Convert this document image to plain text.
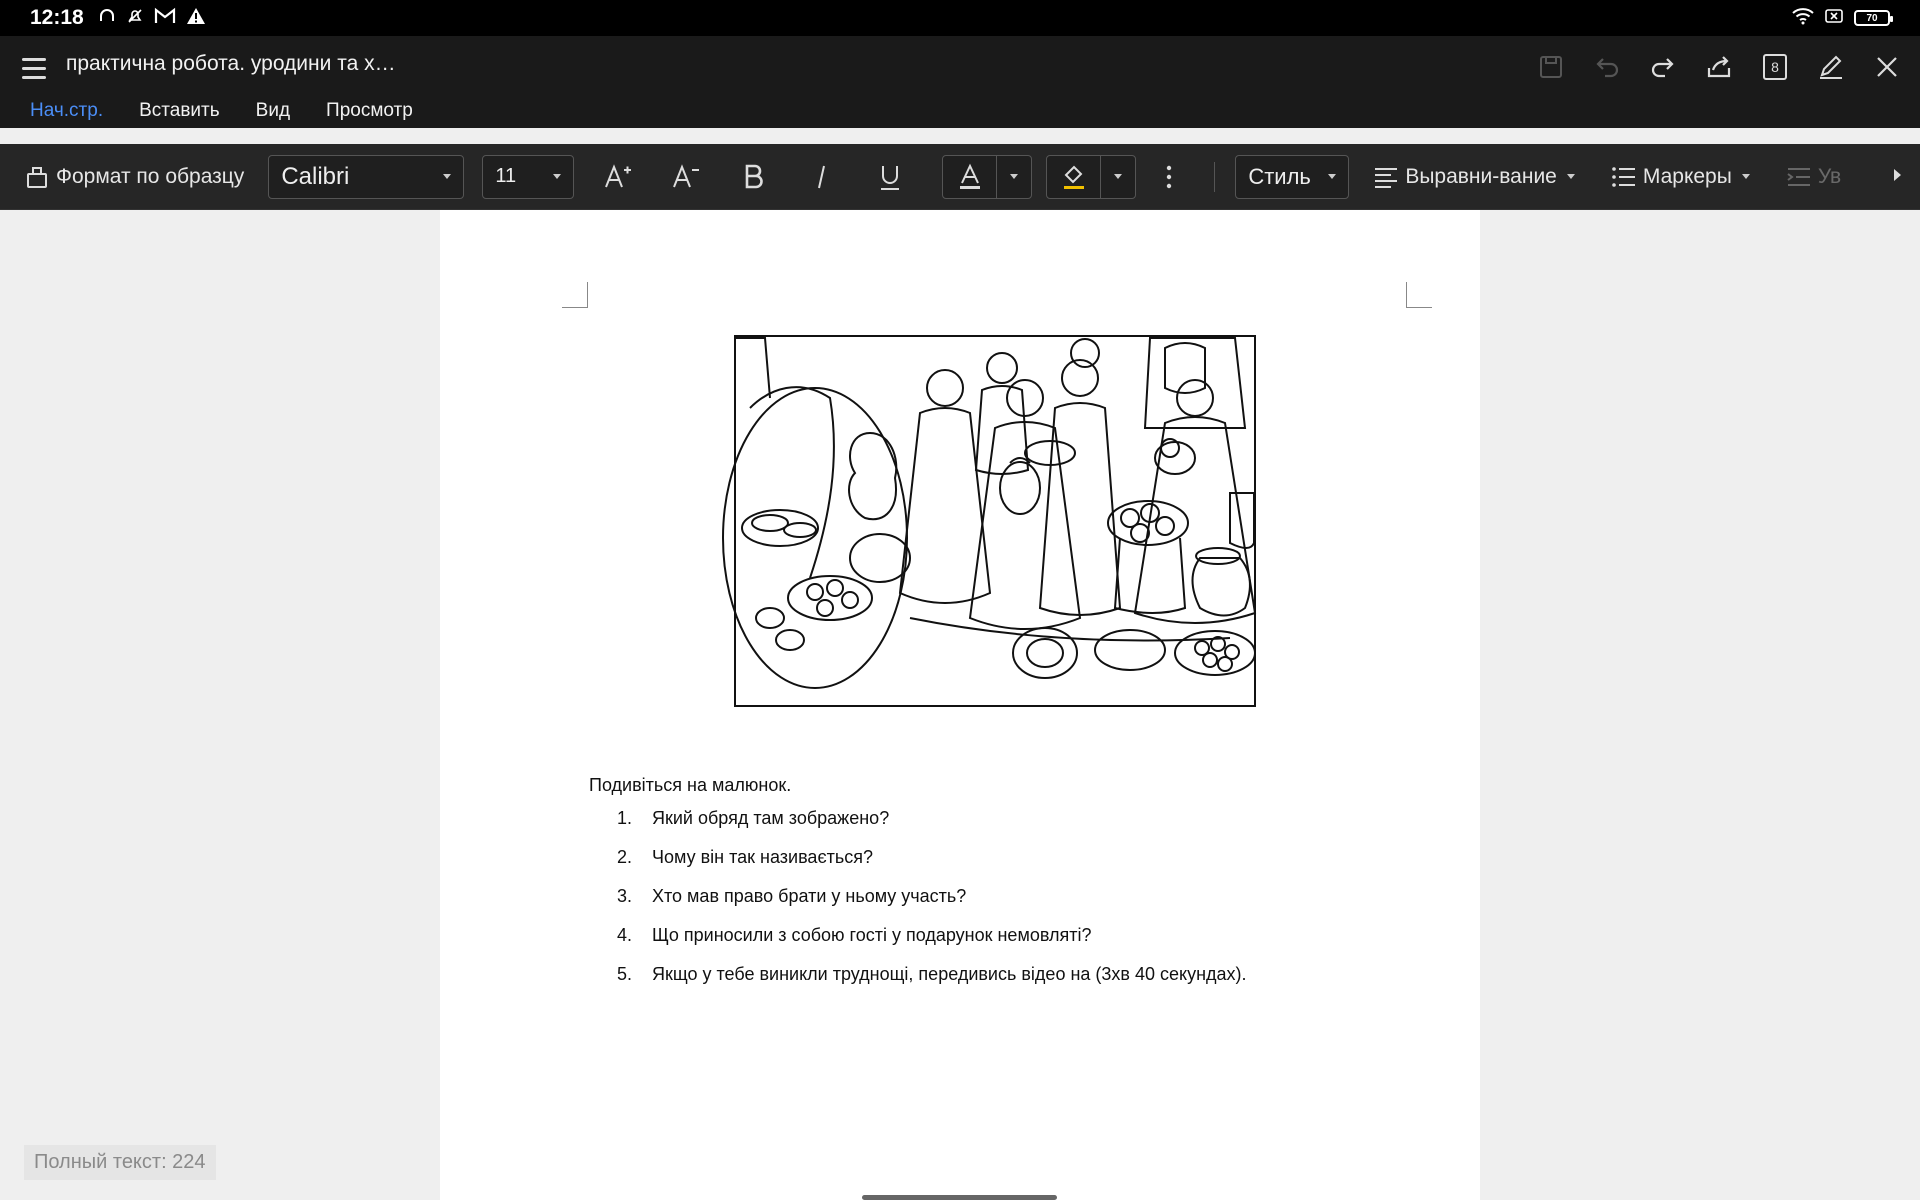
12:18	70
практична робота. уродини та х…	8
Нач.стр.	Вставить	Вид	Просмотр
Формат по образцу Calibri	11	Стиль	Выравни-вание	Маркеры	Ув
Подивіться на малюнок.
1.	Який обряд там зображено?
2.	Чому він так називається?
3.	Хто мав право брати у ньому участь?
4.	Що приносили з собою гості у подарунок немовляті?
5.	Якщо у тебе виникли труднощі, передивись відео на (3хв 40 секундах).
Полный текст: 224
